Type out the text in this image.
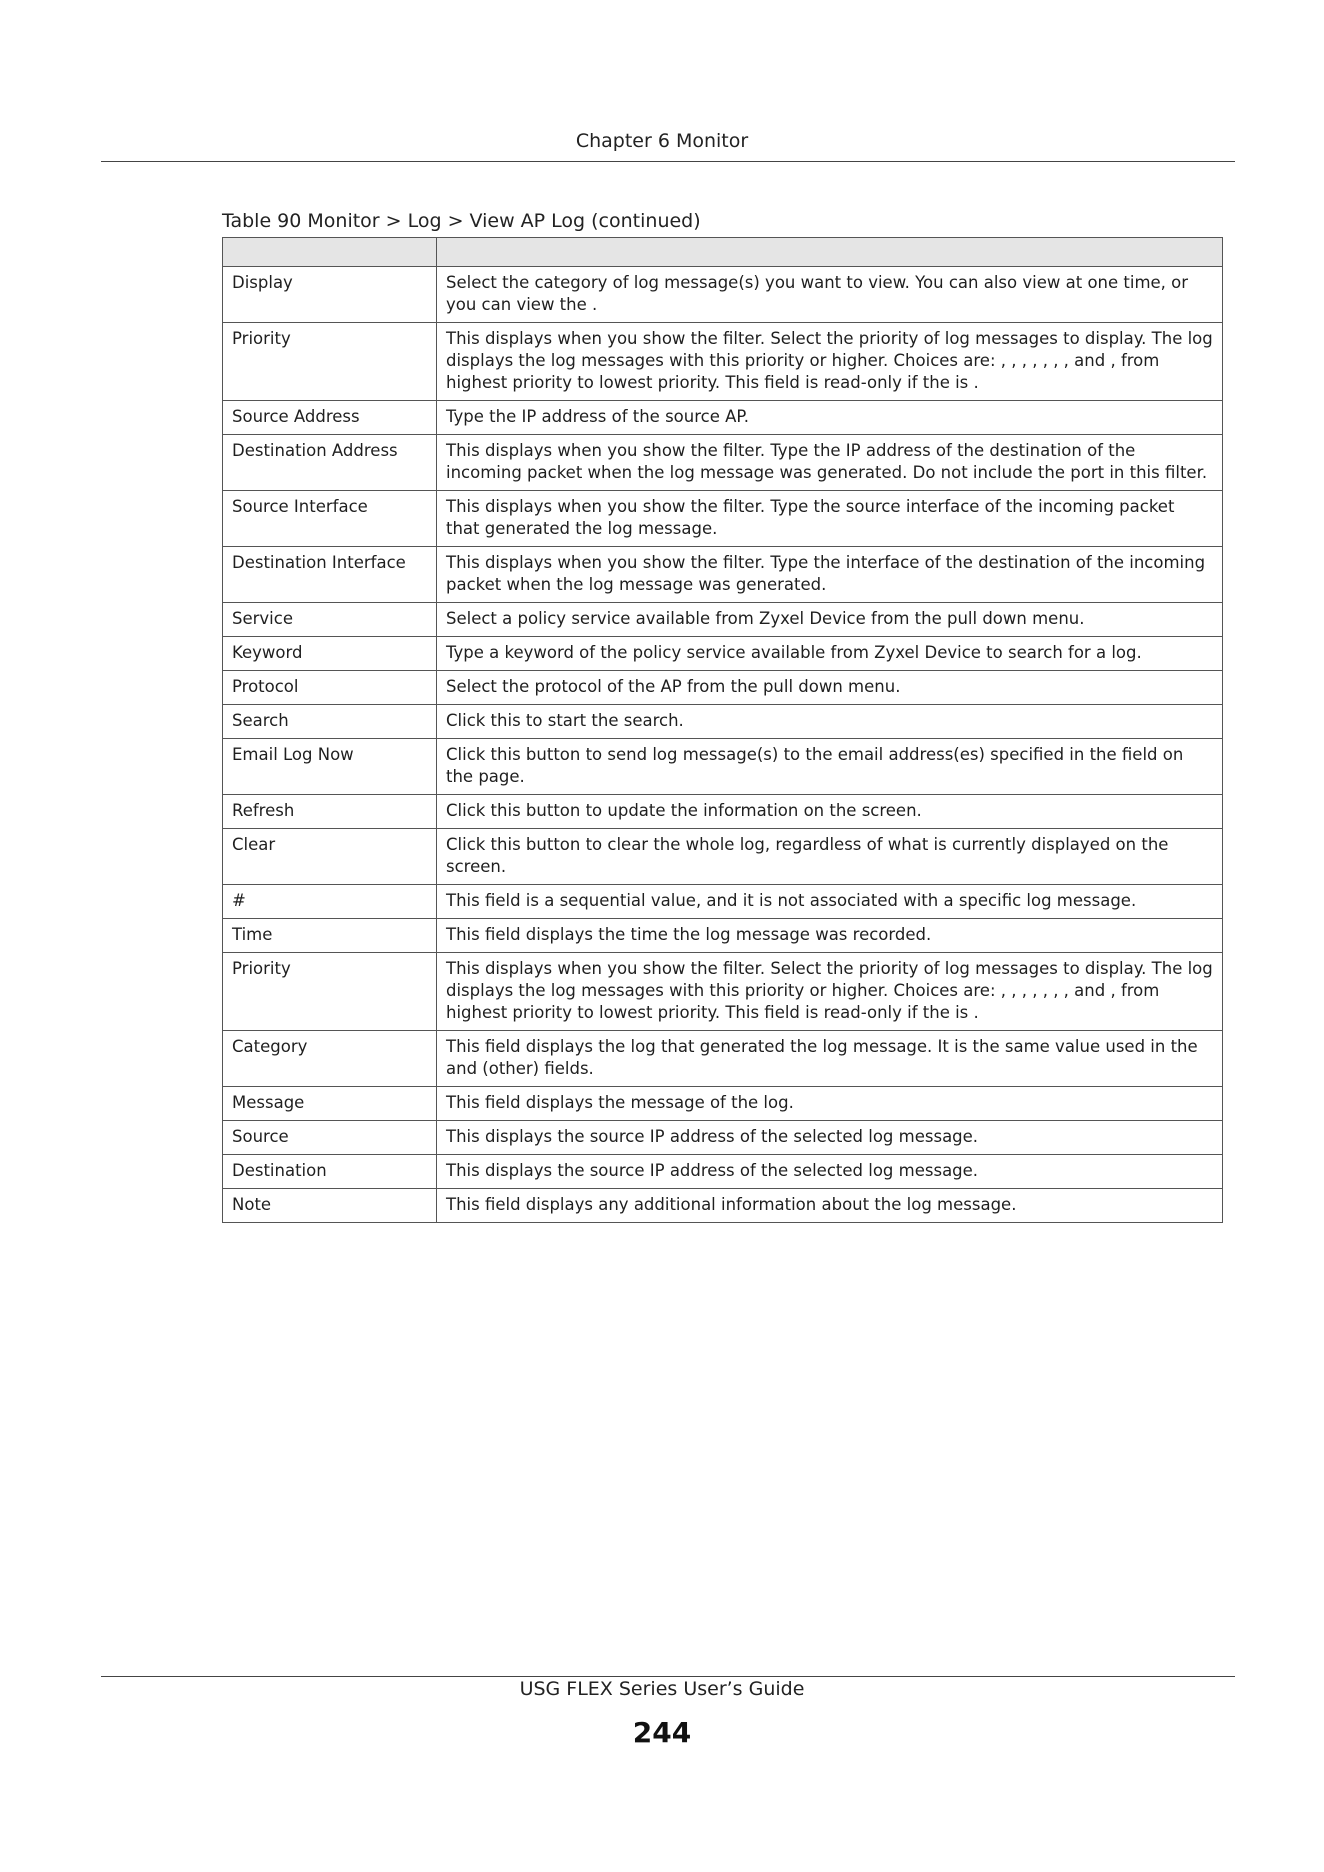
Chapter 6 Monitor
Table 90 Monitor > Log > View AP Log (continued)

Display	Select the category of log message(s) you want to view. You can also view at one time, or you can view the .
Priority	This displays when you show the filter. Select the priority of log messages to display. The log displays the log messages with this priority or higher. Choices are: , , , , , , , and , from highest priority to lowest priority. This field is read-only if the is .
Source Address	Type the IP address of the source AP.
Destination Address	This displays when you show the filter. Type the IP address of the destination of the incoming packet when the log message was generated. Do not include the port in this filter.
Source Interface	This displays when you show the filter. Type the source interface of the incoming packet that generated the log message.
Destination Interface	This displays when you show the filter. Type the interface of the destination of the incoming packet when the log message was generated.
Service	Select a policy service available from Zyxel Device from the pull down menu.
Keyword	Type a keyword of the policy service available from Zyxel Device to search for a log.
Protocol	Select the protocol of the AP from the pull down menu.
Search	Click this to start the search.
Email Log Now	Click this button to send log message(s) to the email address(es) specified in the field on the page.
Refresh	Click this button to update the information on the screen.
Clear	Click this button to clear the whole log, regardless of what is currently displayed on the screen.
#	This field is a sequential value, and it is not associated with a specific log message.
Time	This field displays the time the log message was recorded.
Priority	This displays when you show the filter. Select the priority of log messages to display. The log displays the log messages with this priority or higher. Choices are: , , , , , , , and , from highest priority to lowest priority. This field is read-only if the is .
Category	This field displays the log that generated the log message. It is the same value used in the and (other) fields.
Message	This field displays the message of the log.
Source	This displays the source IP address of the selected log message.
Destination	This displays the source IP address of the selected log message.
Note	This field displays any additional information about the log message.
USG FLEX Series User’s Guide
244
